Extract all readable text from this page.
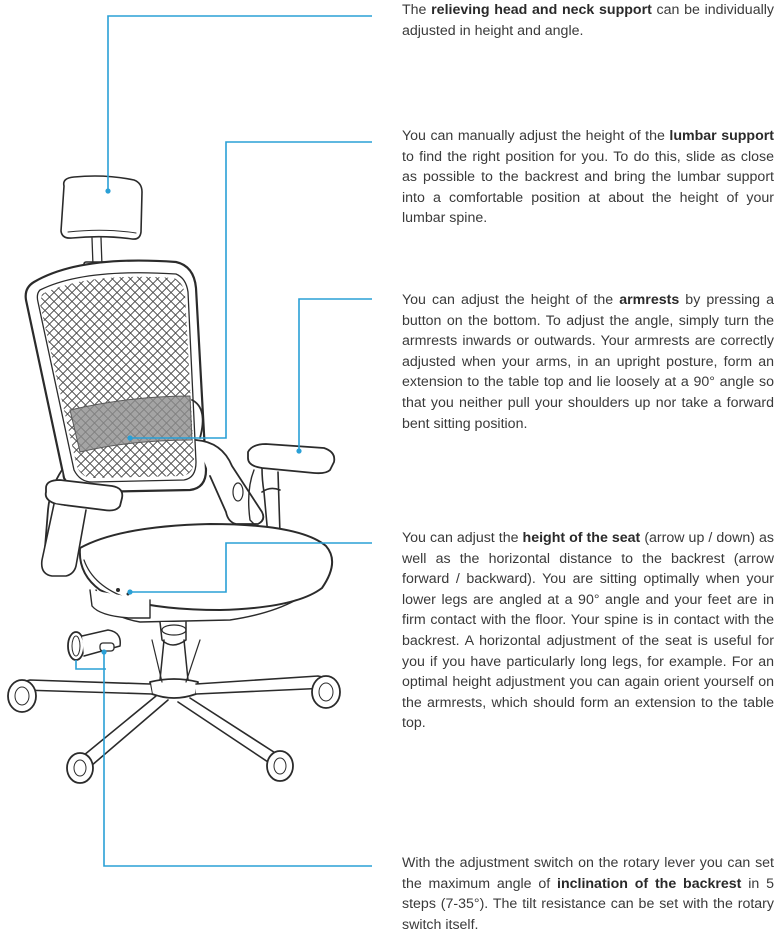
The relieving head and neck support can be individually adjusted in height and angle.

You can manually adjust the height of the lumbar support to find the right position for you. To do this, slide as close as possible to the backrest and bring the lumbar support into a comfortable position at about the height of your lumbar spine.

You can adjust the height of the armrests by pressing a button on the bottom. To adjust the angle, simply turn the armrests inwards or outwards. Your armrests are correctly adjusted when your arms, in an upright posture, form an extension to the table top and lie loosely at a 90° angle so that you neither pull your shoulders up nor take a forward bent sitting position.

You can adjust the height of the seat (arrow up / down) as well as the horizontal distance to the backrest (arrow forward / backward). You are sitting optimally when your lower legs are angled at a 90° angle and your feet are in firm contact with the floor. Your spine is in contact with the backrest. A horizontal adjustment of the seat is useful for you if you have particularly long legs, for example. For an optimal height adjustment you can again orient yourself on the armrests, which should form an extension to the table top.

With the adjustment switch on the rotary lever you can set the maximum angle of inclination of the backrest in 5 steps (7-35°). The tilt resistance can be set with the rotary switch itself.
